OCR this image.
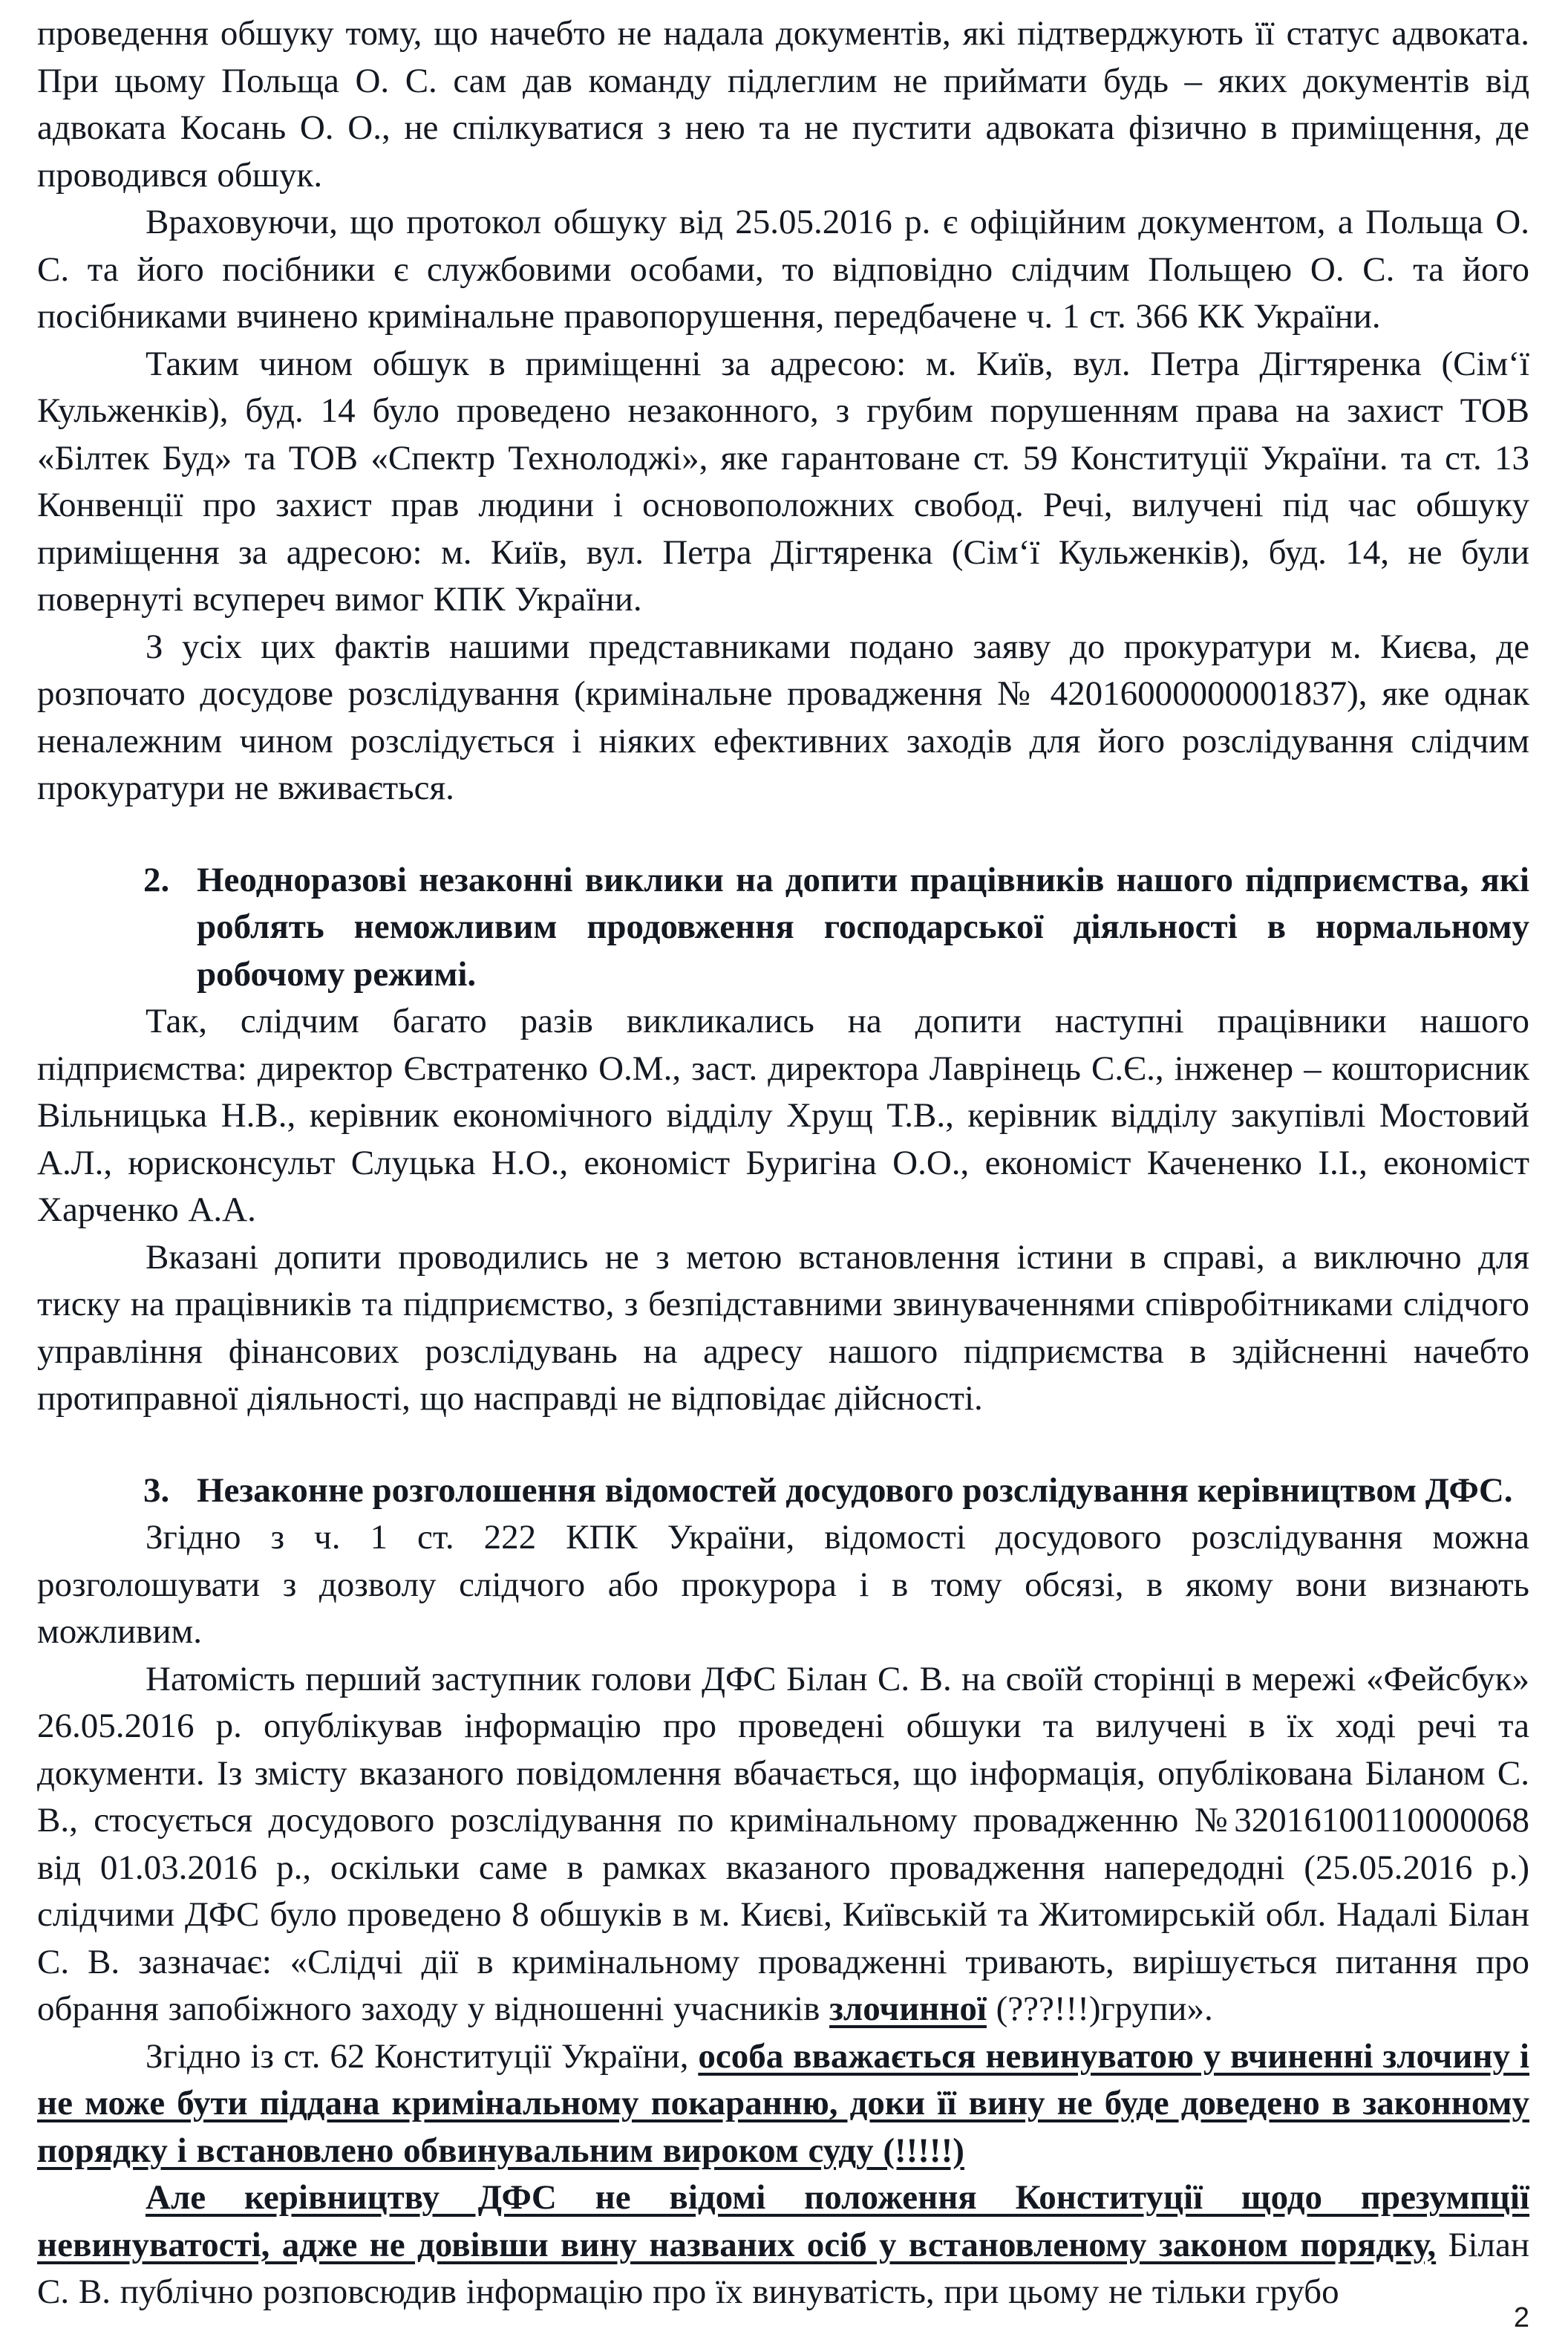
проведення обшуку тому, що начебто не надала документів, які підтверджують її статус адвоката. При цьому Польща О. С. сам дав команду підлеглим не приймати будь – яких документів від адвоката Косань О. О., не спілкуватися з нею та не пустити адвоката фізично в приміщення, де проводився обшук.

Враховуючи, що протокол обшуку від 25.05.2016 р. є офіційним документом, а Польща О. С. та його посібники є службовими особами, то відповідно слідчим Польщею О. С. та його посібниками вчинено кримінальне правопорушення, передбачене ч. 1 ст. 366 КК України.

Таким чином обшук в приміщенні за адресою: м. Київ, вул. Петра Дігтяренка (Сім‘ї Кульженків), буд. 14 було проведено незаконного, з грубим порушенням права на захист ТОВ «Білтек Буд» та ТОВ «Спектр Технолоджі», яке гарантоване ст. 59 Конституції України. та ст. 13 Конвенції про захист прав людини і основоположних свобод. Речі, вилучені під час обшуку приміщення за адресою: м. Київ, вул. Петра Дігтяренка (Сім‘ї Кульженків), буд. 14, не були повернуті всупереч вимог КПК України.

З усіх цих фактів нашими представниками подано заяву до прокуратури м. Києва, де розпочато досудове розслідування (кримінальне провадження № 42016000000001837), яке однак неналежним чином розслідується і ніяких ефективних заходів для його розслідування слідчим прокуратури не вживається.

2. Неодноразові незаконні виклики на допити працівників нашого підприємства, які роблять неможливим продовження господарської діяльності в нормальному робочому режимі.

Так, слідчим багато разів викликались на допити наступні працівники нашого підприємства: директор Євстратенко О.М., заст. директора Лаврінець С.Є., інженер – кошторисник Вільницька Н.В., керівник економічного відділу Хрущ Т.В., керівник відділу закупівлі Мостовий А.Л., юрисконсульт Слуцька Н.О., економіст Буригіна О.О., економіст Качененко І.І., економіст Харченко А.А.

Вказані допити проводились не з метою встановлення істини в справі, а виключно для тиску на працівників та підприємство, з безпідставними звинуваченнями співробітниками слідчого управління фінансових розслідувань на адресу нашого підприємства в здійсненні начебто протиправної діяльності, що насправді не відповідає дійсності.

3. Незаконне розголошення відомостей досудового розслідування керівництвом ДФС.

Згідно з ч. 1 ст. 222 КПК України, відомості досудового розслідування можна розголошувати з дозволу слідчого або прокурора і в тому обсязі, в якому вони визнають можливим.

Натомість перший заступник голови ДФС Білан С. В. на своїй сторінці в мережі «Фейсбук» 26.05.2016 р. опублікував інформацію про проведені обшуки та вилучені в їх ході речі та документи. Із змісту вказаного повідомлення вбачається, що інформація, опублікована Біланом С. В., стосується досудового розслідування по кримінальному провадженню №32016100110000068 від 01.03.2016 р., оскільки саме в рамках вказаного провадження напередодні (25.05.2016 р.) слідчими ДФС було проведено 8 обшуків в м. Києві, Київській та Житомирській обл. Надалі Білан С. В. зазначає: «Слідчі дії в кримінальному провадженні тривають, вирішується питання про обрання запобіжного заходу у відношенні учасників злочинної (???!!!)групи».

Згідно із ст. 62 Конституції України, особа вважається невинуватою у вчиненні злочину і не може бути піддана кримінальному покаранню, доки її вину не буде доведено в законному порядку і встановлено обвинувальним вироком суду (!!!!!)

Але керівництву ДФС не відомі положення Конституції щодо презумпції невинуватості, адже не довівши вину названих осіб у встановленому законом порядку, Білан С. В. публічно розповсюдив інформацію про їх винуватість, при цьому не тільки грубо

2
